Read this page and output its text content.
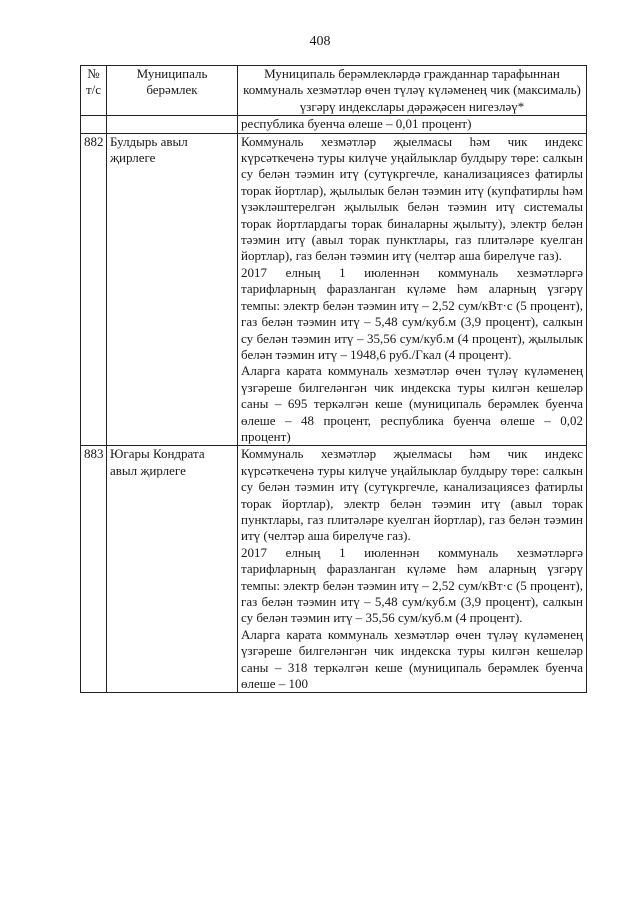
408
№ т/с	Муниципаль берәмлек	Муниципаль берәмлекләрдә гражданнар тарафыннан коммуналь хезмәтләр өчен түләү күләменең чик (максималь) үзгәрү индекслары дәрәҗәсен нигезләү*
		республика буенча өлеше – 0,01 процент)
882	Булдырь авыл җирлеге	Коммуналь хезмәтләр җыелмасы һәм чик индекс күрсәткеченә туры килүче уңайлыклар булдыру төре: салкын су белән тәэмин итү (сутүкргечле, канализациясез фатирлы торак йортлар), җылылык белән тәэмин итү (купфатирлы һәм үзәкләштерелгән җылылык белән тәэмин итү системалы торак йортлардагы торак биналарны җылыту), электр белән тәэмин итү (авыл торак пунктлары, газ плитәләре куелган йортлар), газ белән тәэмин итү (челтәр аша бирелүче газ).

2017 елның 1 июленнән коммуналь хезмәтләргә тарифларның фаразланган күләме һәм аларның үзгәрү темпы: электр белән тәэмин итү – 2,52 сум/кВт·с (5 процент), газ белән тәэмин итү – 5,48 сум/куб.м (3,9 процент), салкын су белән тәэмин итү – 35,56 сум/куб.м (4 процент), җылылык белән тәэмин итү – 1948,6 руб./Гкал (4 процент).

Аларга карата коммуналь хезмәтләр өчен түләү күләменең үзгәреше билгеләнгән чик индекска туры килгән кешеләр саны – 695 теркәлгән кеше (муниципаль берәмлек буенча өлеше – 48 процент, республика буенча өлеше – 0,02 процент)

883	Югары Кондрата авыл җирлеге	Коммуналь хезмәтләр җыелмасы һәм чик индекс күрсәткеченә туры килүче уңайлыклар булдыру төре: салкын су белән тәэмин итү (сутүкргечле, канализациясез фатирлы торак йортлар), электр белән тәэмин итү (авыл торак пунктлары, газ плитәләре куелган йортлар), газ белән тәэмин итү (челтәр аша бирелүче газ).

2017 елның 1 июленнән коммуналь хезмәтләргә тарифларның фаразланган күләме һәм аларның үзгәрү темпы: электр белән тәэмин итү – 2,52 сум/кВт·с (5 процент), газ белән тәэмин итү – 5,48 сум/куб.м (3,9 процент), салкын су белән тәэмин итү – 35,56 сум/куб.м (4 процент).

Аларга карата коммуналь хезмәтләр өчен түләү күләменең үзгәреше билгеләнгән чик индекска туры килгән кешеләр саны – 318 теркәлгән кеше (муниципаль берәмлек буенча өлеше – 100
